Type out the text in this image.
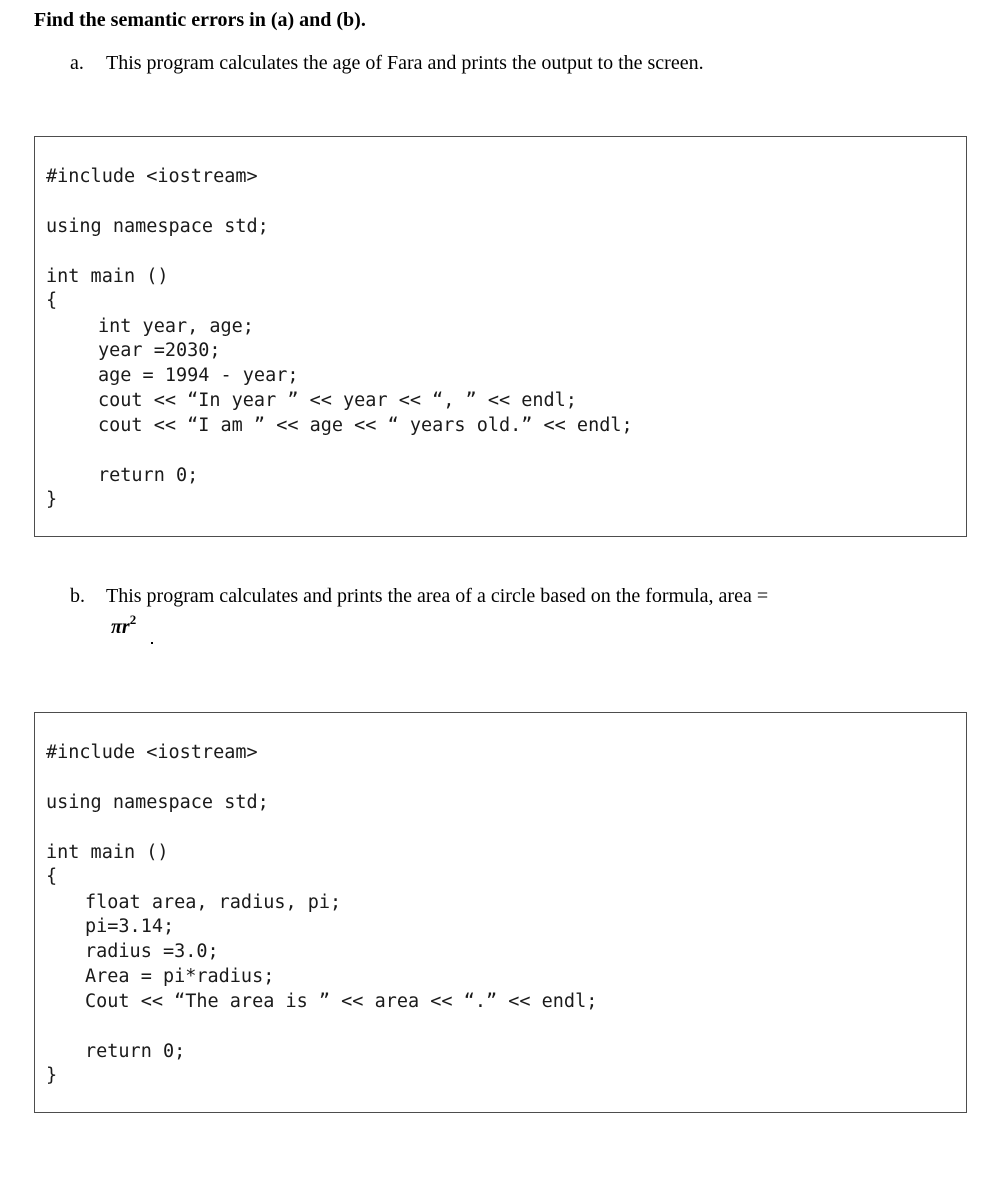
Find the semantic errors in (a) and (b).
a. This program calculates the age of Fara and prints the output to the screen.
#include <iostream>
using namespace std;
int main ()
{
int year, age;
year =2030;
age = 1994 - year;
cout << “In year ” << year << “, ” << endl;
cout << “I am ” << age << “ years old.” << endl;
return 0;
}
b. This program calculates and prints the area of a circle based on the formula, area =
$\pi r^2$
#include <iostream>
using namespace std;
int main ()
{
float area, radius, pi;
pi=3.14;
radius =3.0;
Area = pi*radius;
Cout << “The area is ” << area << “.” << endl;
return 0;
}
